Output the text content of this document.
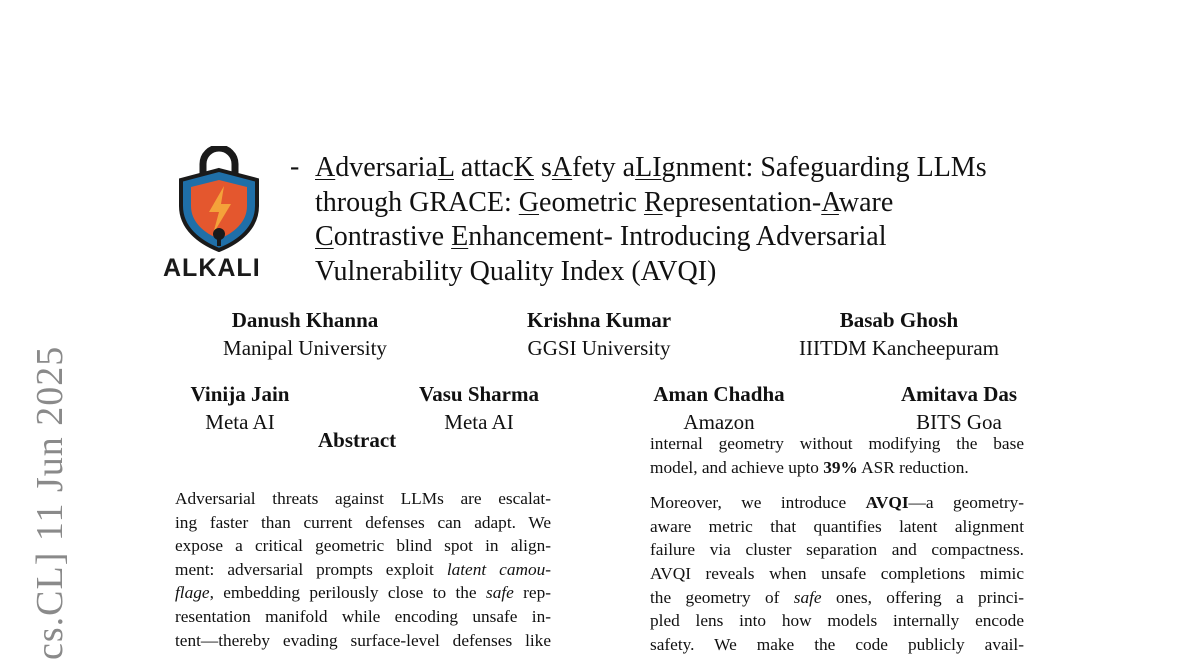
cs.CL] 11 Jun 2025
ALKALI
- AdversariaL attacK sAfety aLIgnment: Safeguarding LLMs
through GRACE: Geometric Representation-Aware
Contrastive Enhancement- Introducing Adversarial
Vulnerability Quality Index (AVQI)
Danush Khanna
Manipal University
Krishna Kumar
GGSI University
Basab Ghosh
IIITDM Kancheepuram
Vinija Jain
Meta AI
Vasu Sharma
Meta AI
Aman Chadha
Amazon
Amitava Das
BITS Goa
Abstract
Adversarial threats against LLMs are escalat-
ing faster than current defenses can adapt. We
expose a critical geometric blind spot in align-
ment: adversarial prompts exploit latent camou-
flage, embedding perilously close to the safe rep-
resentation manifold while encoding unsafe in-
tent—thereby evading surface-level defenses like
internal geometry without modifying the base
model, and achieve upto 39% ASR reduction.
Moreover, we introduce AVQI—a geometry-
aware metric that quantifies latent alignment
failure via cluster separation and compactness.
AVQI reveals when unsafe completions mimic
the geometry of safe ones, offering a princi-
pled lens into how models internally encode
safety. We make the code publicly avail-
